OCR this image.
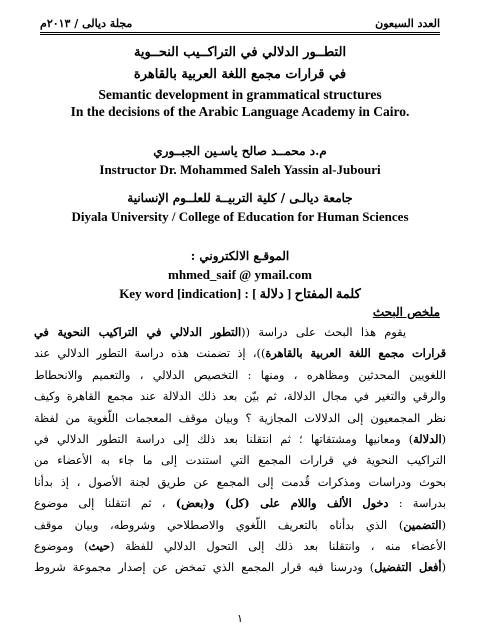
العدد السبعون
مجلة ديالى / ٢٠١٣م
التطــور الدلالي في التراكــيب النحــوية
في قرارات مجمع اللغة العربية بالقاهرة
Semantic development in grammatical structures
In the decisions of the Arabic Language Academy in Cairo.
م.د محمــد صالح ياسـين الجبــوري
Instructor Dr. Mohammed Saleh Yassin al-Jubouri
جامعة ديالـى / كلية التربيــة للعلــوم الإنسانية
Diyala University / College of Education for Human Sciences
الموقـع الالكتروني :
mhmed_saif @ ymail.com
Key word [indication] : كلمة المفتاح [ دلالة ]
ملخص البحث
يقوم هذا البحث على دراسة ((التطور الدلالي في التراكيب النحوية في
قرارات مجمع اللغة العربية بالقاهرة))، إذ تضمنت هذه دراسة التطور الدلالي عند
اللغويين المحدثين ومظاهره ، ومنها : التخصيص الدلالي ، والتعميم والانحطاط
والرقي والتغير في مجال الدلالة، ثم بيّن بعد ذلك الدلالة عند مجمع القاهرة وكيف
نظر المجمعيون إلى الدلالات المجازية ؟ وبيان موقف المعجمات اللّغوية من لفظة
(الدلالة) ومعانيها ومشتقاتها ؛ ثم انتقلنا بعد ذلك إلى دراسة التطور الدلالي في
التراكيب النحوية في قرارات المجمع التي استندت إلى ما جاء به الأعضاء من
بحوث ودراسات ومذكرات قُدمت إلى المجمع عن طريق لجنة الأصول ، إذ بدأنا
بدراسة : دخول الألف واللام على (كل) و(بعض) ، ثم انتقلنا إلى موضوع
(التضمين) الذي بدأناه بالتعريف اللّغوي والاصطلاحي وشروطه، وبيان موقف
الأعضاء منه ، وانتقلنا بعد ذلك إلى التحول الدلالي للفظة (حيث) وموضوع
(أفعل التفضيل) ودرسنا فيه قرار المجمع الذي تمخض عن إصدار مجموعة شروط
١
